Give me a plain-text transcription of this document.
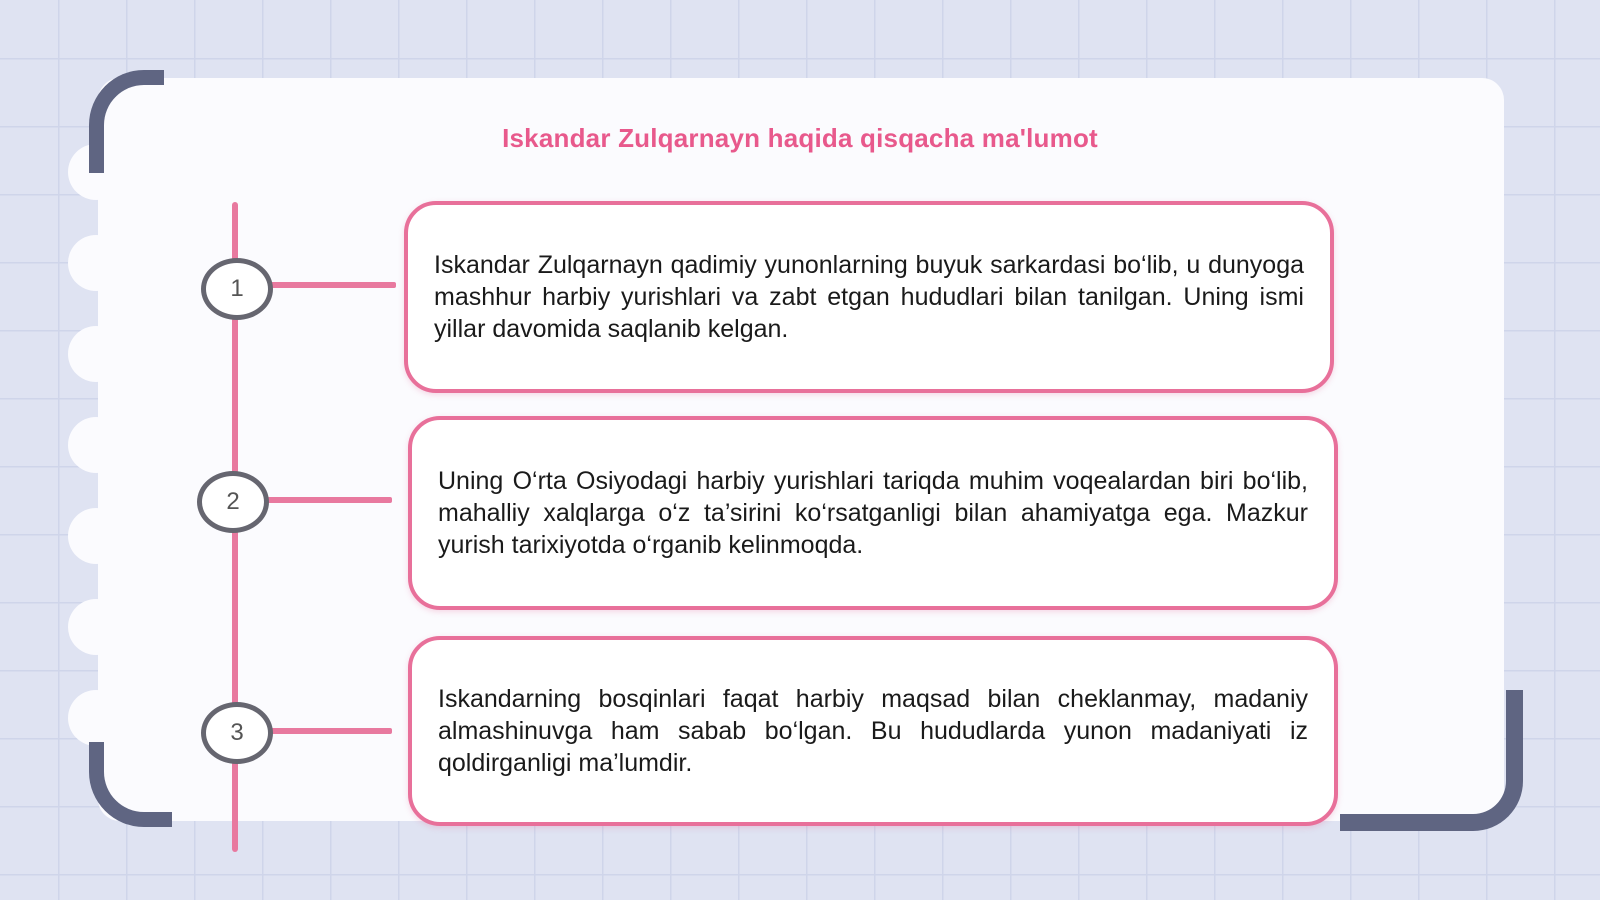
Iskandar Zulqarnayn haqida qisqacha ma'lumot
1
2
3

Iskandar Zulqarnayn qadimiy yunonlarning buyuk sarkardasi bo‘lib, u dunyoga mashhur harbiy yurishlari va zabt etgan hududlari bilan tanilgan. Uning ismi yillar davomida saqlanib kelgan.

Uning O‘rta Osiyodagi harbiy yurishlari tariqda muhim voqealardan biri bo‘lib, mahalliy xalqlarga o‘z ta’sirini ko‘rsatganligi bilan ahamiyatga ega. Mazkur yurish tarixiyotda o‘rganib kelinmoqda.

Iskandarning bosqinlari faqat harbiy maqsad bilan cheklanmay, madaniy almashinuvga ham sabab bo‘lgan. Bu hududlarda yunon madaniyati iz qoldirganligi ma’lumdir.
